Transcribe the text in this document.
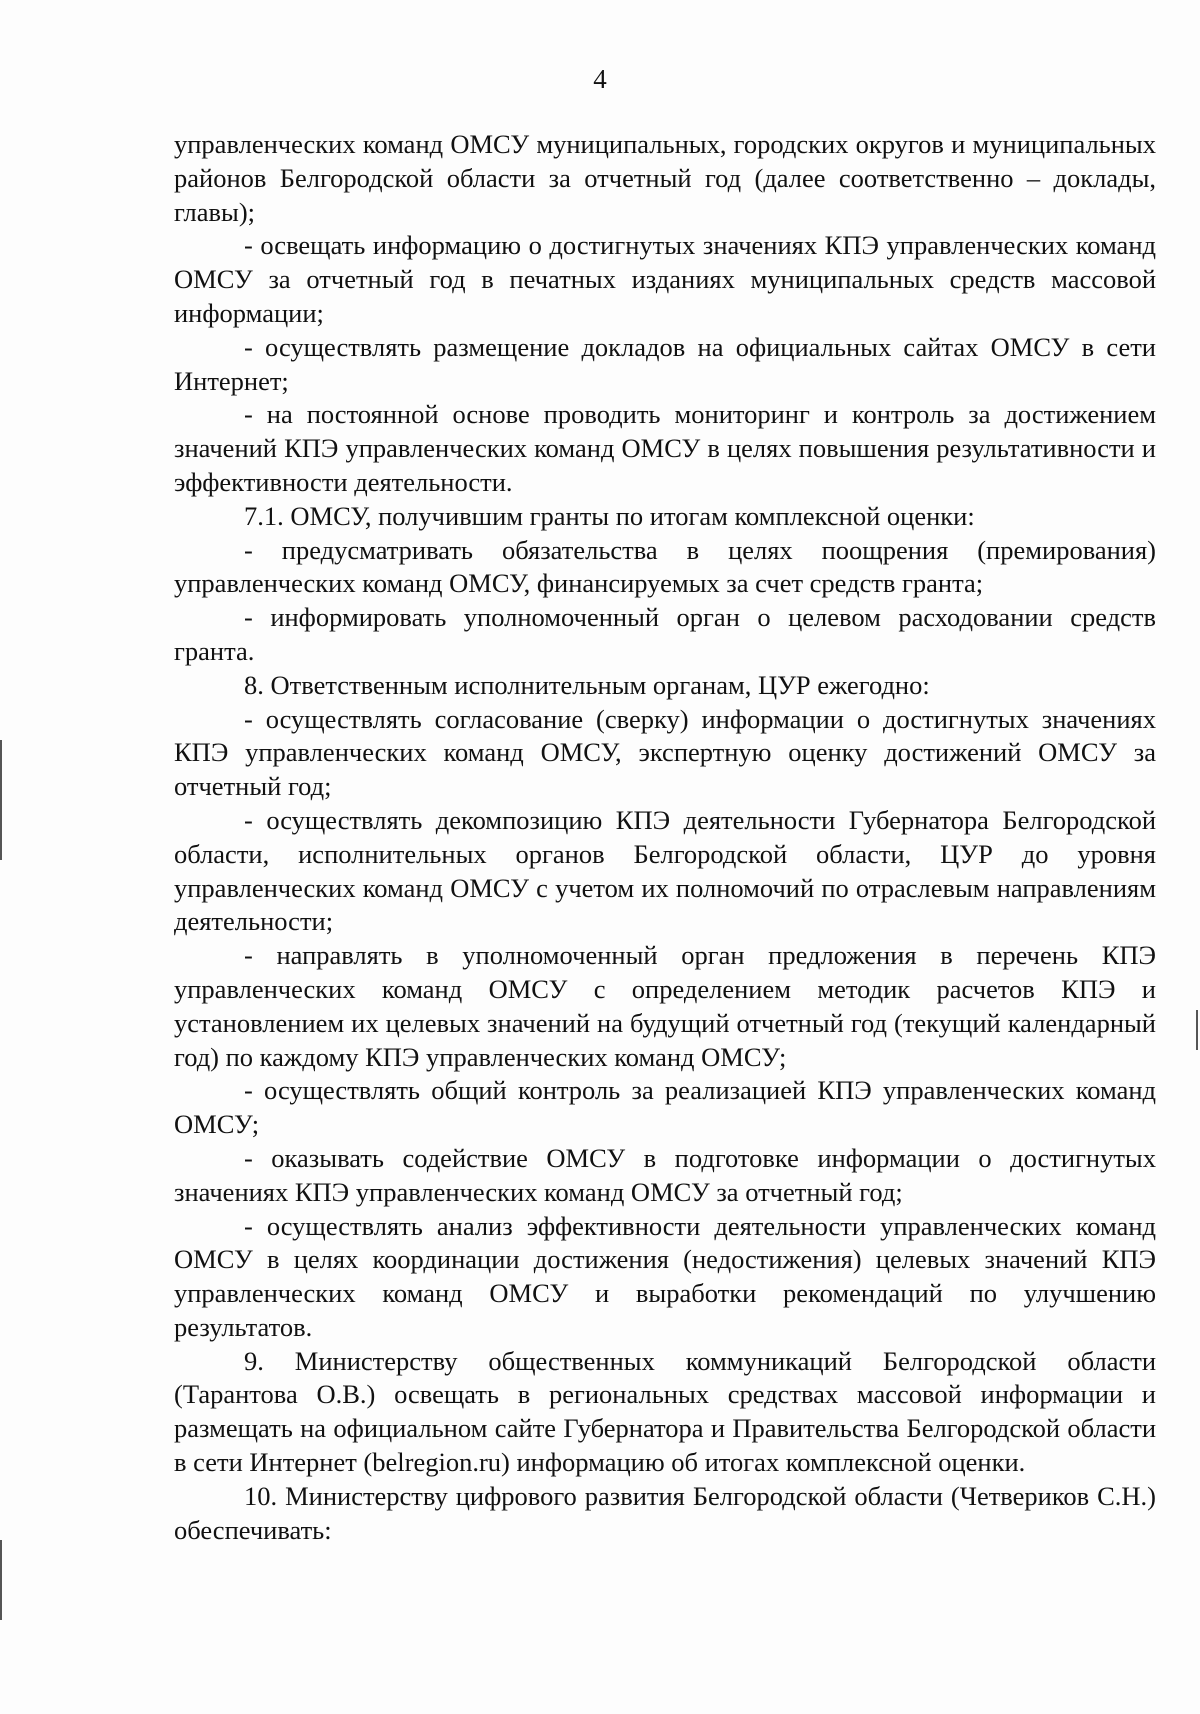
4

управленческих команд ОМСУ муниципальных, городских округов и муниципальных районов Белгородской области за отчетный год (далее соответственно – доклады, главы);

- освещать информацию о достигнутых значениях КПЭ управленческих команд ОМСУ за отчетный год в печатных изданиях муниципальных средств массовой информации;

- осуществлять размещение докладов на официальных сайтах ОМСУ в сети Интернет;

- на постоянной основе проводить мониторинг и контроль за достижением значений КПЭ управленческих команд ОМСУ в целях повышения результативности и эффективности деятельности.

7.1. ОМСУ, получившим гранты по итогам комплексной оценки:

- предусматривать обязательства в целях поощрения (премирования) управленческих команд ОМСУ, финансируемых за счет средств гранта;

- информировать уполномоченный орган о целевом расходовании средств гранта.

8. Ответственным исполнительным органам, ЦУР ежегодно:

- осуществлять согласование (сверку) информации о достигнутых значениях КПЭ управленческих команд ОМСУ, экспертную оценку достижений ОМСУ за отчетный год;

- осуществлять декомпозицию КПЭ деятельности Губернатора Белгородской области, исполнительных органов Белгородской области, ЦУР до уровня управленческих команд ОМСУ с учетом их полномочий по отраслевым направлениям деятельности;

- направлять в уполномоченный орган предложения в перечень КПЭ управленческих команд ОМСУ с определением методик расчетов КПЭ и установлением их целевых значений на будущий отчетный год (текущий календарный год) по каждому КПЭ управленческих команд ОМСУ;

- осуществлять общий контроль за реализацией КПЭ управленческих команд ОМСУ;

- оказывать содействие ОМСУ в подготовке информации о достигнутых значениях КПЭ управленческих команд ОМСУ за отчетный год;

- осуществлять анализ эффективности деятельности управленческих команд ОМСУ в целях координации достижения (недостижения) целевых значений КПЭ управленческих команд ОМСУ и выработки рекомендаций по улучшению результатов.

9. Министерству общественных коммуникаций Белгородской области (Тарантова О.В.) освещать в региональных средствах массовой информации и размещать на официальном сайте Губернатора и Правительства Белгородской области в сети Интернет (belregion.ru) информацию об итогах комплексной оценки.

10. Министерству цифрового развития Белгородской области (Четвериков С.Н.) обеспечивать:
